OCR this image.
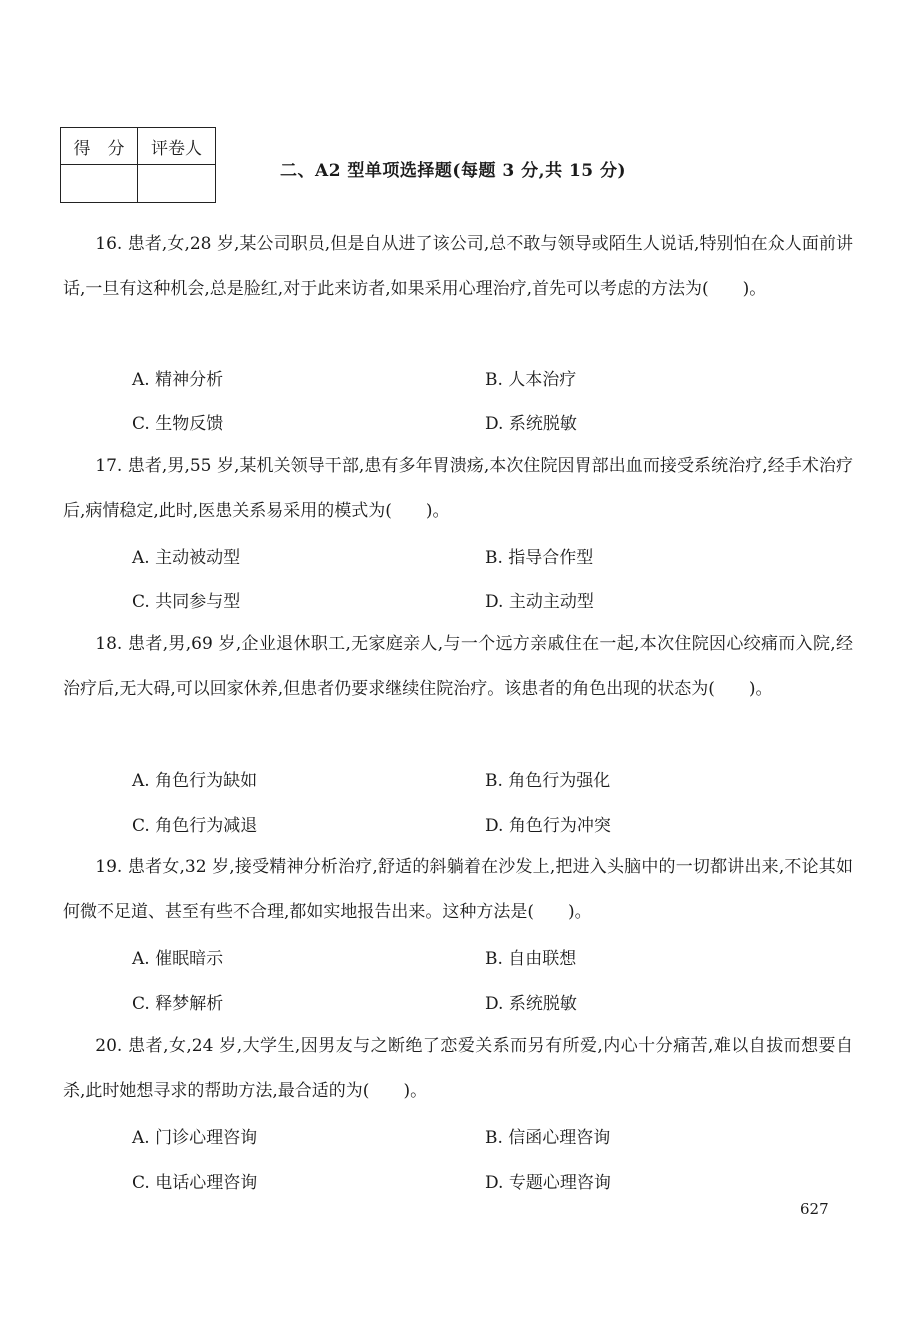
得　分	评卷人

二、A2 型单项选择题(每题 3 分,共 15 分)
16. 患者,女,28 岁,某公司职员,但是自从进了该公司,总不敢与领导或陌生人说话,特别怕在众人面前讲话,一旦有这种机会,总是脸红,对于此来访者,如果采用心理治疗,首先可以考虑的方法为(　　)。
A. 精神分析	B. 人本治疗
C. 生物反馈	D. 系统脱敏
17. 患者,男,55 岁,某机关领导干部,患有多年胃溃疡,本次住院因胃部出血而接受系统治疗,经手术治疗后,病情稳定,此时,医患关系易采用的模式为(　　)。
A. 主动被动型	B. 指导合作型
C. 共同参与型	D. 主动主动型
18. 患者,男,69 岁,企业退休职工,无家庭亲人,与一个远方亲戚住在一起,本次住院因心绞痛而入院,经治疗后,无大碍,可以回家休养,但患者仍要求继续住院治疗。该患者的角色出现的状态为(　　)。
A. 角色行为缺如	B. 角色行为强化
C. 角色行为减退	D. 角色行为冲突
19. 患者女,32 岁,接受精神分析治疗,舒适的斜躺着在沙发上,把进入头脑中的一切都讲出来,不论其如何微不足道、甚至有些不合理,都如实地报告出来。这种方法是(　　)。
A. 催眠暗示	B. 自由联想
C. 释梦解析	D. 系统脱敏
20. 患者,女,24 岁,大学生,因男友与之断绝了恋爱关系而另有所爱,内心十分痛苦,难以自拔而想要自杀,此时她想寻求的帮助方法,最合适的为(　　)。
A. 门诊心理咨询	B. 信函心理咨询
C. 电话心理咨询	D. 专题心理咨询
627
